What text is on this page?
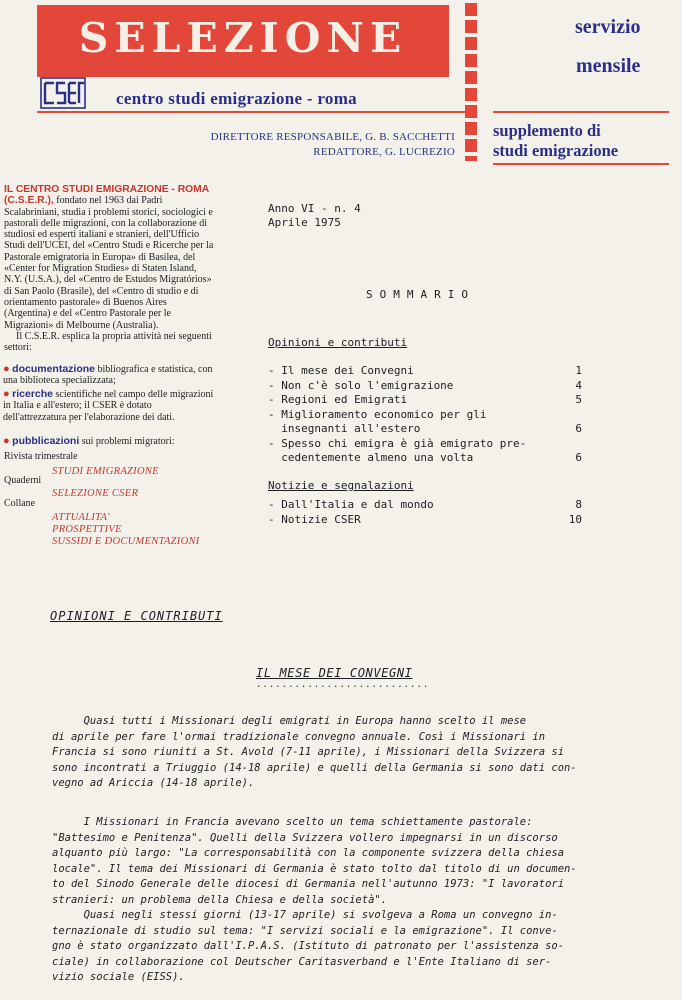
SELEZIONE
centro studi emigrazione - roma
servizio
mensile
supplemento di
studi emigrazione
DIRETTORE RESPONSABILE, G. B. SACCHETTI
REDATTORE, G. LUCREZIO
IL CENTRO STUDI EMIGRAZIONE - ROMA (C.S.E.R.), fondato nel 1963 dai Padri Scalabriniani, studia i problemi storici, sociologici e pastorali delle migrazioni, con la collaborazione di studiosi ed esperti italiani e stranieri, dell'Ufficio Studi dell'UCEI, del «Centro Studi e Ricerche per la Pastorale emigratoria in Europa» di Basilea, del «Center for Migration Studies» di Staten Island, N.Y. (U.S.A.), del «Centro de Estudos Migratórios» di San Paolo (Brasile), del «Centro di studio e di orientamento pastorale» di Buenos Aires (Argentina) e del «Centro Pastorale per le Migrazioni» di Melbourne (Australia).
Il C.S.E.R. esplica la propria attività nei seguenti settori:
● documentazione bibliografica e statistica, con una biblioteca specializzata;
● ricerche scientifiche nel campo delle migrazioni in Italia e all'estero; il CSER è dotato dell'attrezzatura per l'elaborazione dei dati.
● pubblicazioni sui problemi migratori:
Rivista trimestrale
STUDI EMIGRAZIONE
Quaderni
SELEZIONE CSER
Collane
ATTUALITA'
PROSPETTIVE
SUSSIDI E DOCUMENTAZIONI
Anno VI - n. 4
Aprile 1975
SOMMARIO
Opinioni e contributi
- Il mese dei Convegni	1
- Non c'è solo l'emigrazione	4
- Regioni ed Emigrati	5
- Miglioramento economico per gli
insegnanti all'estero	6
- Spesso chi emigra è già emigrato pre-
cedentemente almeno una volta	6
Notizie e segnalazioni
- Dall'Italia e dal mondo	8
- Notizie CSER	10
OPINIONI E CONTRIBUTI
IL MESE DEI CONVEGNI
...........................

Quasi tutti i Missionari degli emigrati in Europa hanno scelto il mese

di aprile per fare l'ormai tradizionale convegno annuale. Così i Missionari in

Francia si sono riuniti a St. Avold (7-11 aprile), i Missionari della Svizzera si

sono incontrati a Triuggio (14-18 aprile) e quelli della Germania si sono dati con-

vegno ad Ariccia (14-18 aprile).

I Missionari in Francia avevano scelto un tema schiettamente pastorale:

"Battesimo e Penitenza". Quelli della Svizzera vollero impegnarsi in un discorso

alquanto più largo: "La corresponsabilità con la componente svizzera della chiesa

locale". Il tema dei Missionari di Germania è stato tolto dal titolo di un documen-

to del Sinodo Generale delle diocesi di Germania nell'autunno 1973: "I lavoratori

stranieri: un problema della Chiesa e della società".

Quasi negli stessi giorni (13-17 aprile) si svolgeva a Roma un convegno in-

ternazionale di studio sul tema: "I servizi sociali e la emigrazione". Il conve-

gno è stato organizzato dall'I.P.A.S. (Istituto di patronato per l'assistenza so-

ciale) in collaborazione col Deutscher Caritasverband e l'Ente Italiano di ser-

vizio sociale (EISS).
